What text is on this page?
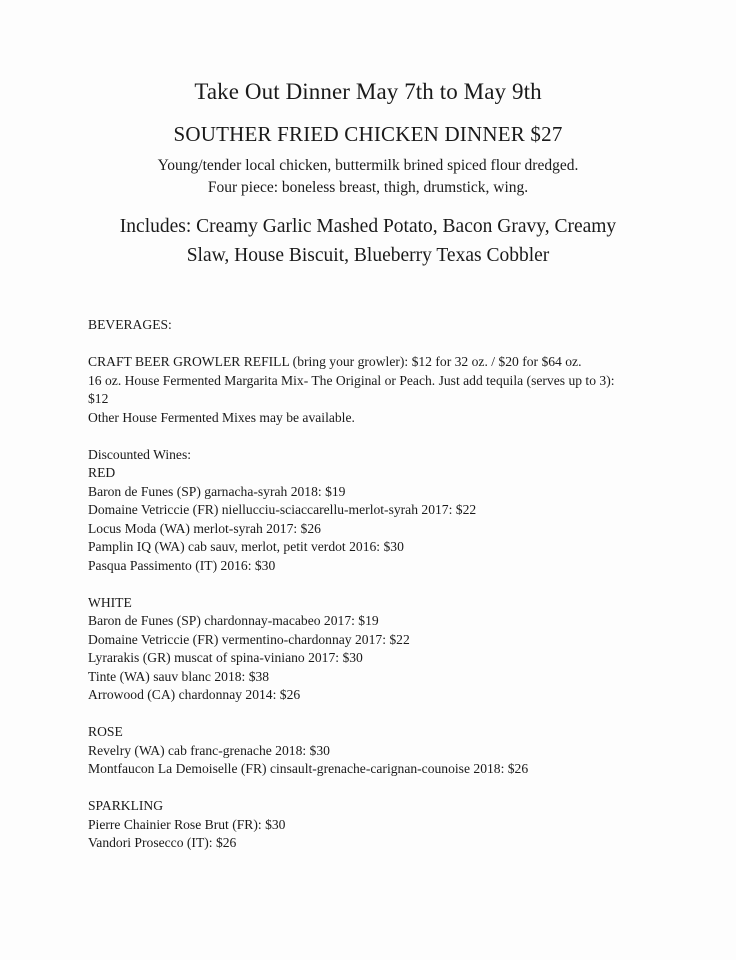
Take Out Dinner May 7th to May 9th

SOUTHER FRIED CHICKEN DINNER $27

Young/tender local chicken, buttermilk brined spiced flour dredged.

Four piece: boneless breast, thigh, drumstick, wing.

Includes: Creamy Garlic Mashed Potato, Bacon Gravy, Creamy

Slaw, House Biscuit, Blueberry Texas Cobbler

BEVERAGES:
CRAFT BEER GROWLER REFILL (bring your growler): $12 for 32 oz. / $20 for $64 oz.
16 oz. House Fermented Margarita Mix- The Original or Peach. Just add tequila (serves up to 3):
$12
Other House Fermented Mixes may be available.
Discounted Wines:
RED
Baron de Funes (SP) garnacha-syrah 2018: $19
Domaine Vetriccie (FR) niellucciu-sciaccarellu-merlot-syrah 2017: $22
Locus Moda (WA) merlot-syrah 2017: $26
Pamplin IQ (WA) cab sauv, merlot, petit verdot 2016: $30
Pasqua Passimento (IT) 2016: $30
WHITE
Baron de Funes (SP) chardonnay-macabeo 2017: $19
Domaine Vetriccie (FR) vermentino-chardonnay 2017: $22
Lyrarakis (GR) muscat of spina-viniano 2017: $30
Tinte (WA) sauv blanc 2018: $38
Arrowood (CA) chardonnay 2014: $26
ROSE
Revelry (WA) cab franc-grenache 2018: $30
Montfaucon La Demoiselle (FR) cinsault-grenache-carignan-counoise 2018: $26
SPARKLING
Pierre Chainier Rose Brut (FR): $30
Vandori Prosecco (IT): $26
